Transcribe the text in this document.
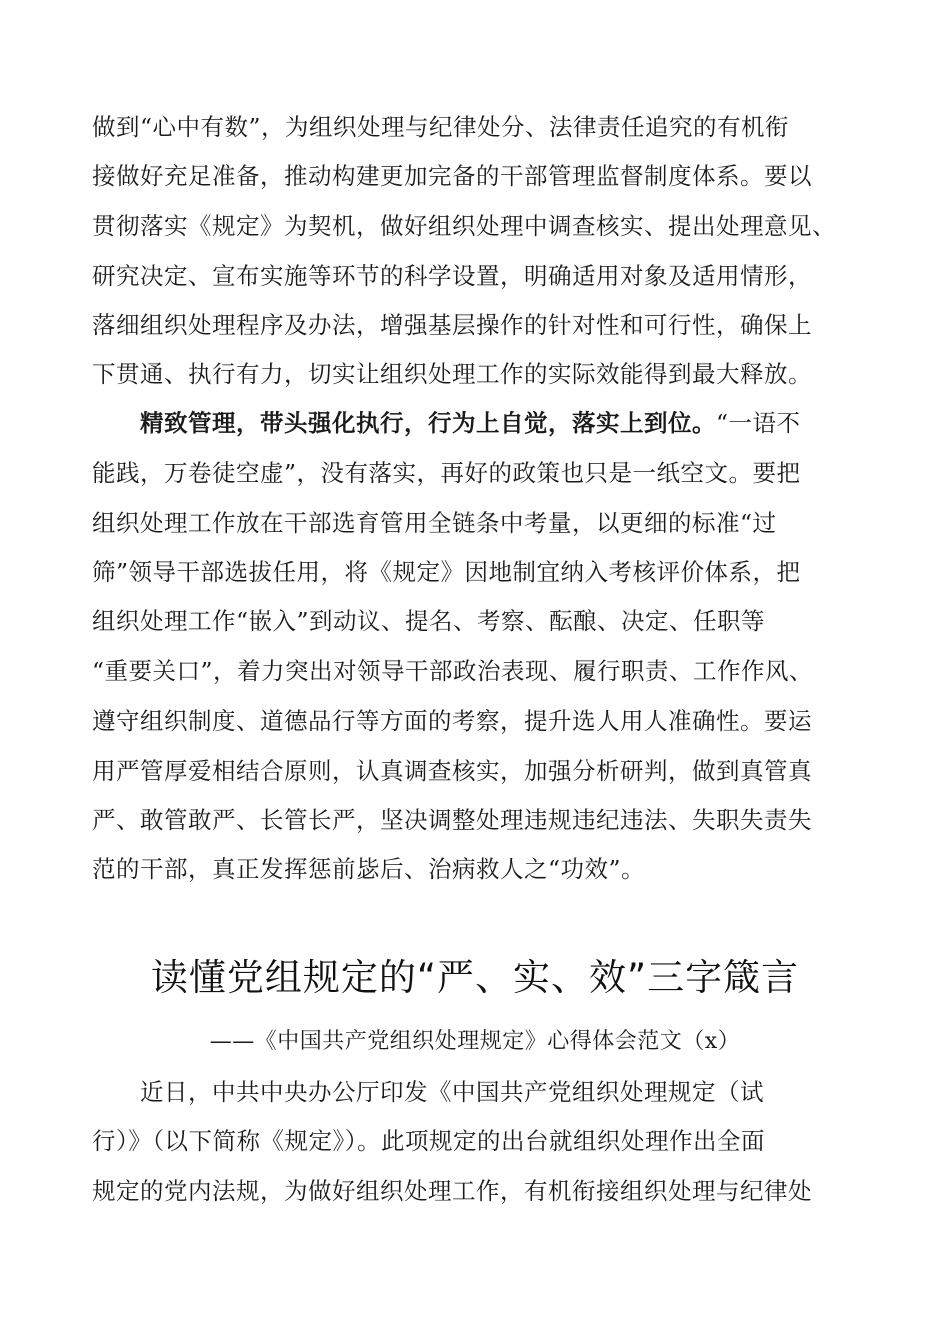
做到“心中有数”，为组织处理与纪律处分、法律责任追究的有机衔
接做好充足准备，推动构建更加完备的干部管理监督制度体系。要以
贯彻落实《规定》为契机，做好组织处理中调查核实、提出处理意见、
研究决定、宣布实施等环节的科学设置，明确适用对象及适用情形，
落细组织处理程序及办法，增强基层操作的针对性和可行性，确保上
下贯通、执行有力，切实让组织处理工作的实际效能得到最大释放。
精致管理，带头强化执行，行为上自觉，落实上到位。“一语不
能践，万卷徒空虚”，没有落实，再好的政策也只是一纸空文。要把
组织处理工作放在干部选育管用全链条中考量，以更细的标准“过
筛”领导干部选拔任用，将《规定》因地制宜纳入考核评价体系，把
组织处理工作“嵌入”到动议、提名、考察、酝酿、决定、任职等
“重要关口”，着力突出对领导干部政治表现、履行职责、工作作风、
遵守组织制度、道德品行等方面的考察，提升选人用人准确性。要运
用严管厚爱相结合原则，认真调查核实，加强分析研判，做到真管真
严、敢管敢严、长管长严，坚决调整处理违规违纪违法、失职失责失
范的干部，真正发挥惩前毖后、治病救人之“功效”。
读懂党组规定的“严、实、效”三字箴言
——《中国共产党组织处理规定》心得体会范文（x）
近日，中共中央办公厅印发《中国共产党组织处理规定（试
行）》（以下简称《规定》）。此项规定的出台就组织处理作出全面
规定的党内法规，为做好组织处理工作，有机衔接组织处理与纪律处
